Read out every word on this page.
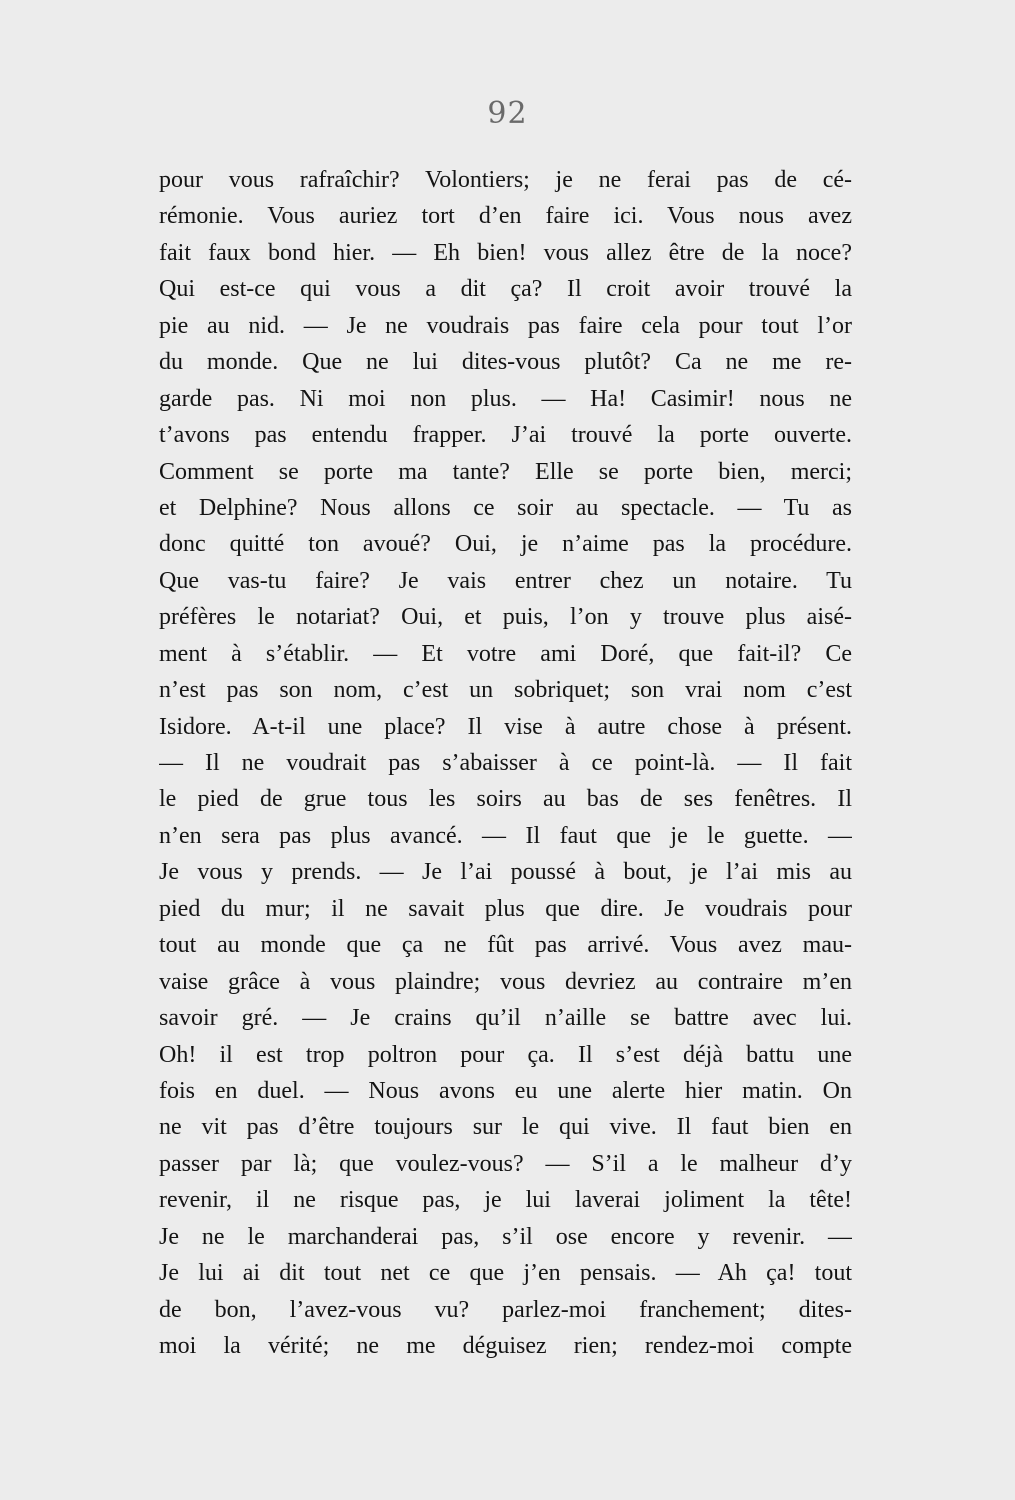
92
pour vous rafraîchir? Volontiers; je ne ferai pas de cé-
rémonie. Vous auriez tort d’en faire ici. Vous nous avez
fait faux bond hier. — Eh bien! vous allez être de la noce?
Qui est-ce qui vous a dit ça? Il croit avoir trouvé la
pie au nid. — Je ne voudrais pas faire cela pour tout l’or
du monde. Que ne lui dites-vous plutôt? Ca ne me re-
garde pas. Ni moi non plus. — Ha! Casimir! nous ne
t’avons pas entendu frapper. J’ai trouvé la porte ouverte.
Comment se porte ma tante? Elle se porte bien, merci;
et Delphine? Nous allons ce soir au spectacle. — Tu as
donc quitté ton avoué? Oui, je n’aime pas la procédure.
Que vas-tu faire? Je vais entrer chez un notaire. Tu
préfères le notariat? Oui, et puis, l’on y trouve plus aisé-
ment à s’établir. — Et votre ami Doré, que fait-il? Ce
n’est pas son nom, c’est un sobriquet; son vrai nom c’est
Isidore. A-t-il une place? Il vise à autre chose à présent.
— Il ne voudrait pas s’abaisser à ce point-là. — Il fait
le pied de grue tous les soirs au bas de ses fenêtres. Il
n’en sera pas plus avancé. — Il faut que je le guette. —
Je vous y prends. — Je l’ai poussé à bout, je l’ai mis au
pied du mur; il ne savait plus que dire. Je voudrais pour
tout au monde que ça ne fût pas arrivé. Vous avez mau-
vaise grâce à vous plaindre; vous devriez au contraire m’en
savoir gré. — Je crains qu’il n’aille se battre avec lui.
Oh! il est trop poltron pour ça. Il s’est déjà battu une
fois en duel. — Nous avons eu une alerte hier matin. On
ne vit pas d’être toujours sur le qui vive. Il faut bien en
passer par là; que voulez-vous? — S’il a le malheur d’y
revenir, il ne risque pas, je lui laverai joliment la tête!
Je ne le marchanderai pas, s’il ose encore y revenir. —
Je lui ai dit tout net ce que j’en pensais. — Ah ça! tout
de bon, l’avez-vous vu? parlez-moi franchement; dites-
moi la vérité; ne me déguisez rien; rendez-moi compte
